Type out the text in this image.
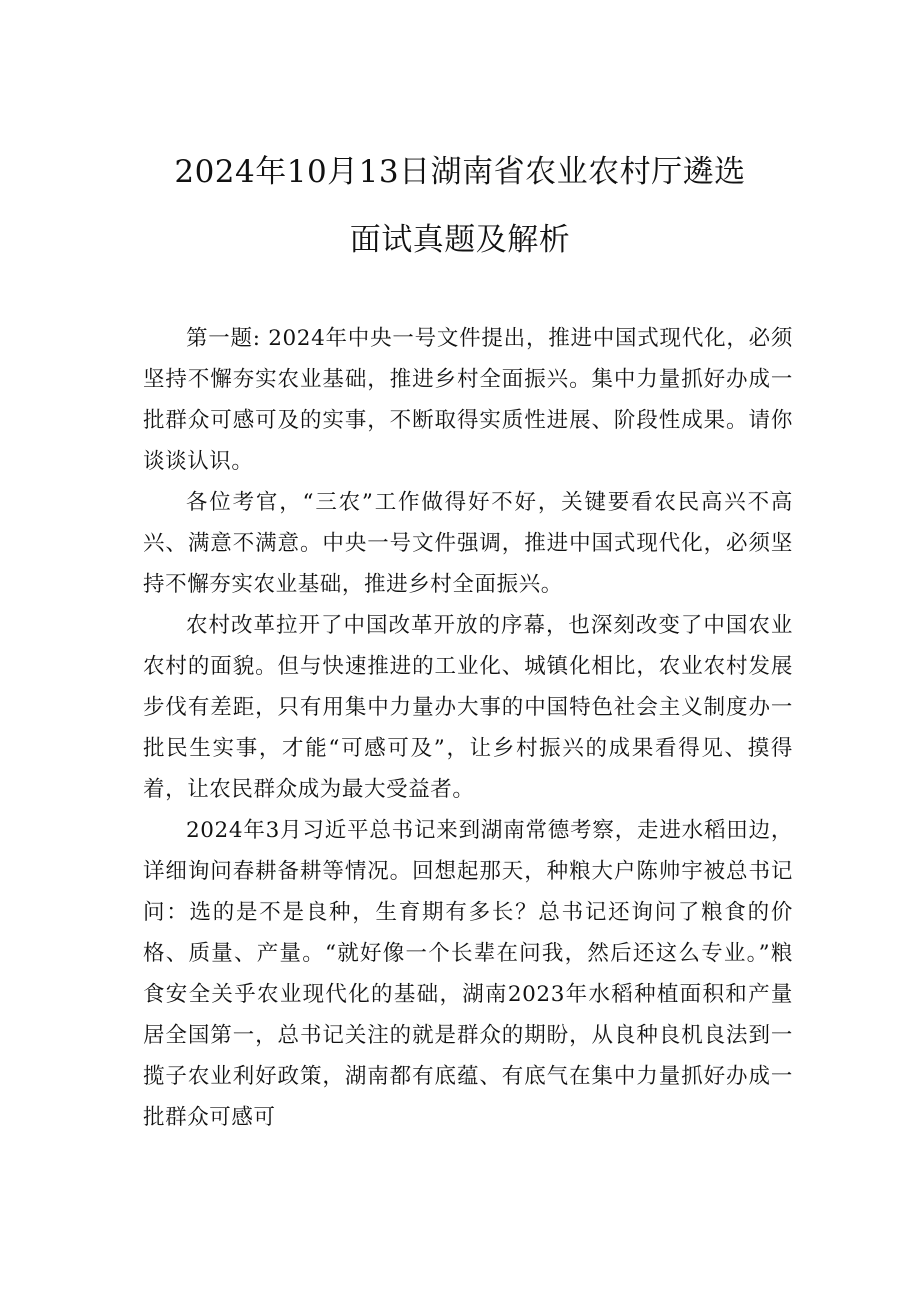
2024年10月13日湖南省农业农村厅遴选
面试真题及解析

第一题: 2024年中央一号文件提出，推进中国式现代化，必须坚持不懈夯实农业基础，推进乡村全面振兴。集中力量抓好办成一批群众可感可及的实事，不断取得实质性进展、阶段性成果。请你谈谈认识。

各位考官，“三农”工作做得好不好，关键要看农民高兴不高兴、满意不满意。中央一号文件强调，推进中国式现代化，必须坚持不懈夯实农业基础，推进乡村全面振兴。

农村改革拉开了中国改革开放的序幕，也深刻改变了中国农业农村的面貌。但与快速推进的工业化、城镇化相比，农业农村发展步伐有差距，只有用集中力量办大事的中国特色社会主义制度办一批民生实事，才能“可感可及”，让乡村振兴的成果看得见、摸得着，让农民群众成为最大受益者。

2024年3月习近平总书记来到湖南常德考察，走进水稻田边，详细询问春耕备耕等情况。回想起那天，种粮大户陈帅宇被总书记问：选的是不是良种，生育期有多长？总书记还询问了粮食的价格、质量、产量。“就好像一个长辈在问我，然后还这么专业。”粮食安全关乎农业现代化的基础，湖南2023年水稻种植面积和产量居全国第一，总书记关注的就是群众的期盼，从良种良机良法到一揽子农业利好政策，湖南都有底蕴、有底气在集中力量抓好办成一批群众可感可
